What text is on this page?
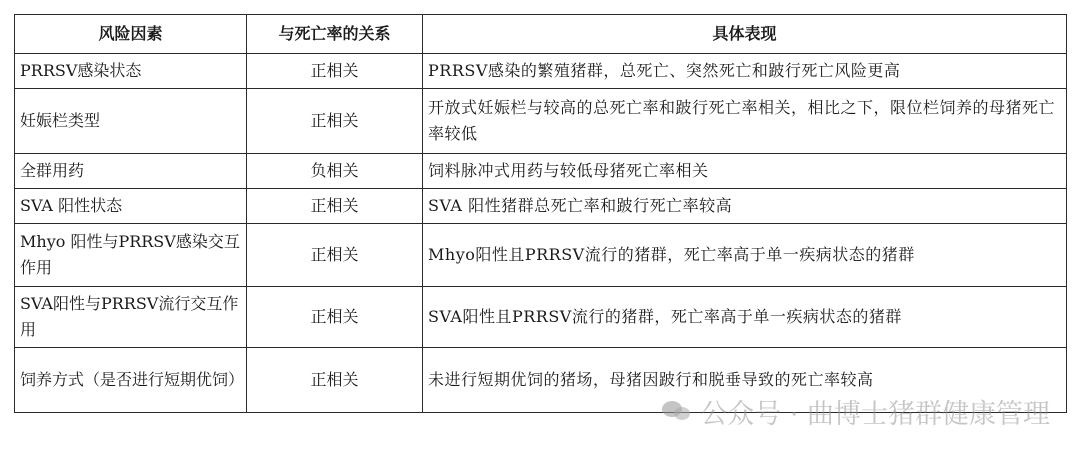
风险因素	与死亡率的关系	具体表现
PRRSV感染状态	正相关	PRRSV感染的繁殖猪群，总死亡、突然死亡和跛行死亡风险更高
妊娠栏类型	正相关	开放式妊娠栏与较高的总死亡率和跛行死亡率相关，相比之下，限位栏饲养的母猪死亡率较低
全群用药	负相关	饲料脉冲式用药与较低母猪死亡率相关
SVA 阳性状态	正相关	SVA 阳性猪群总死亡率和跛行死亡率较高
Mhyo 阳性与PRRSV感染交互作用	正相关	Mhyo阳性且PRRSV流行的猪群，死亡率高于单一疾病状态的猪群
SVA阳性与PRRSV流行交互作用	正相关	SVA阳性且PRRSV流行的猪群，死亡率高于单一疾病状态的猪群
饲养方式（是否进行短期优饲）	正相关	未进行短期优饲的猪场，母猪因跛行和脱垂导致的死亡率较高
公众号 · 曲博士猪群健康管理
